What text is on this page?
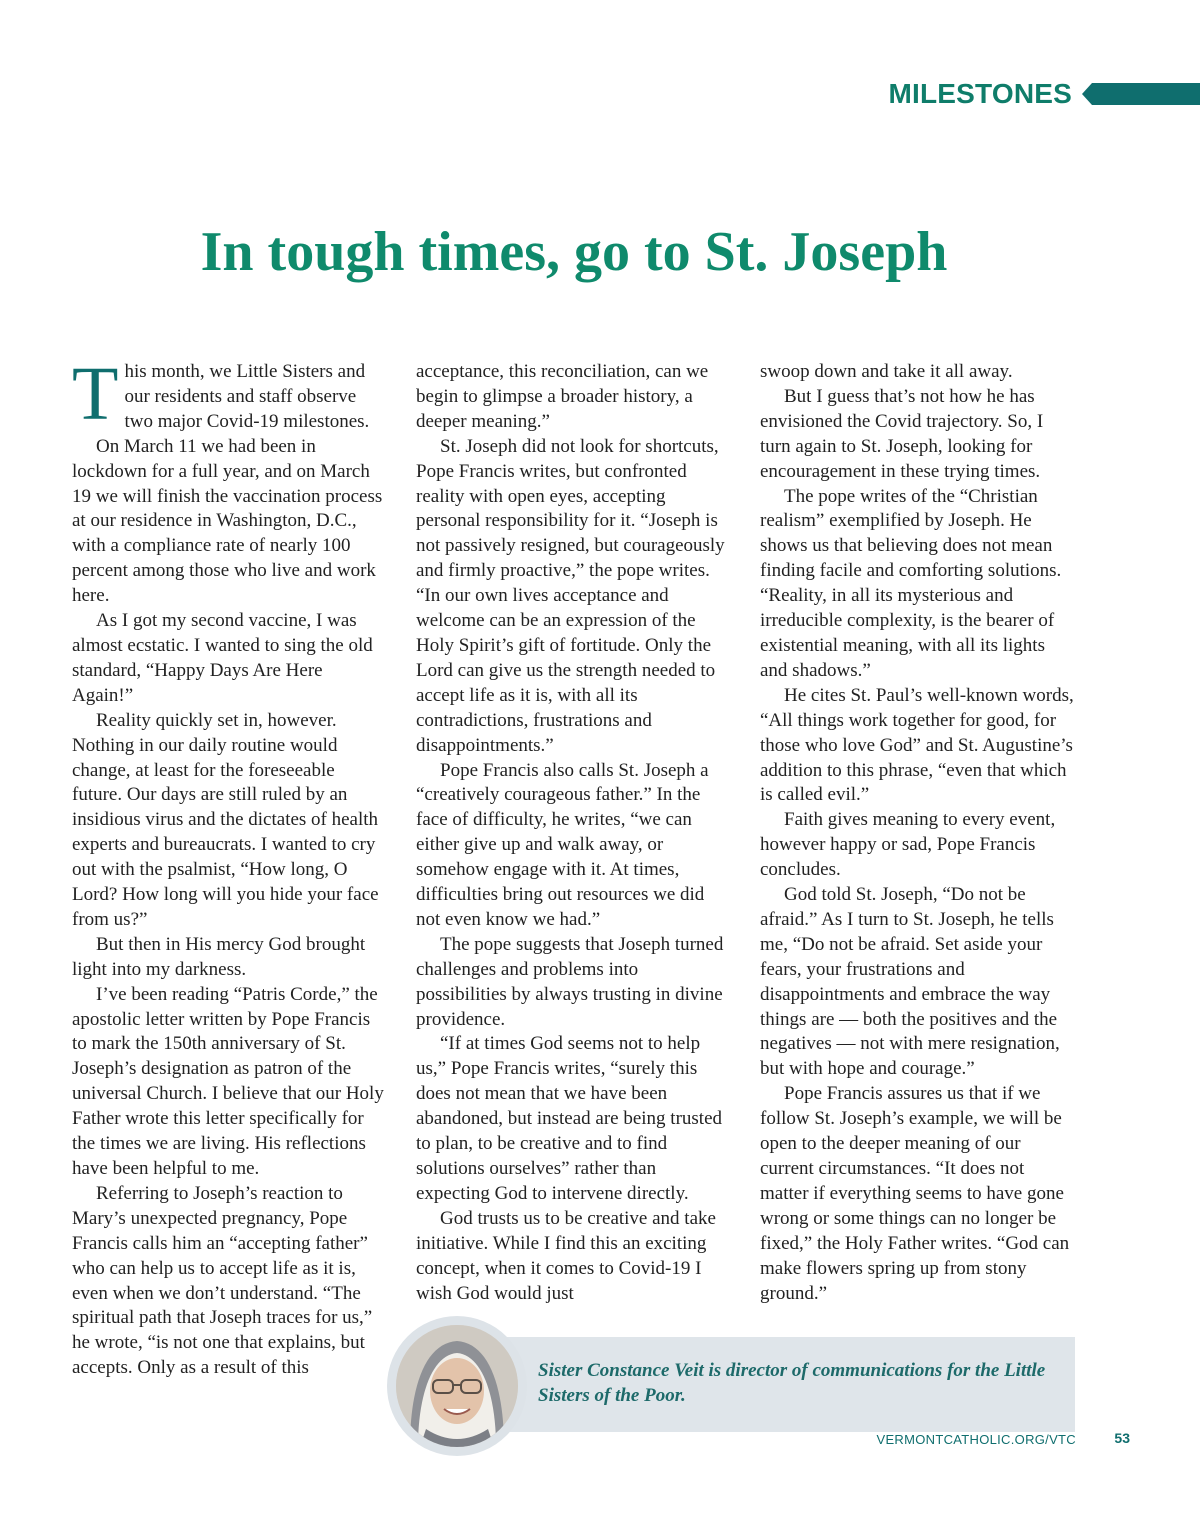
MILESTONES
In tough times, go to St. Joseph

This month, we Little Sisters and our residents and staff observe two major Covid-19 milestones.

On March 11 we had been in lockdown for a full year, and on March 19 we will finish the vaccination process at our residence in Washington, D.C., with a compliance rate of nearly 100 percent among those who live and work here.

As I got my second vaccine, I was almost ecstatic. I wanted to sing the old standard, “Happy Days Are Here Again!”

Reality quickly set in, however. Nothing in our daily routine would change, at least for the foreseeable future. Our days are still ruled by an insidious virus and the dictates of health experts and bureaucrats. I wanted to cry out with the psalmist, “How long, O Lord? How long will you hide your face from us?”

But then in His mercy God brought light into my darkness.

I’ve been reading “Patris Corde,” the apostolic letter written by Pope Francis to mark the 150th anniversary of St. Joseph’s designation as patron of the universal Church. I believe that our Holy Father wrote this letter specifically for the times we are living. His reflections have been helpful to me.

Referring to Joseph’s reaction to Mary’s unexpected pregnancy, Pope Francis calls him an “accepting father” who can help us to accept life as it is, even when we don’t understand. “The spiritual path that Joseph traces for us,” he wrote, “is not one that explains, but accepts. Only as a result of this

acceptance, this reconciliation, can we begin to glimpse a broader history, a deeper meaning.”

St. Joseph did not look for shortcuts, Pope Francis writes, but confronted reality with open eyes, accepting personal responsibility for it. “Joseph is not passively resigned, but courageously and firmly proactive,” the pope writes. “In our own lives acceptance and welcome can be an expression of the Holy Spirit’s gift of fortitude. Only the Lord can give us the strength needed to accept life as it is, with all its contradictions, frustrations and disappointments.”

Pope Francis also calls St. Joseph a “creatively courageous father.” In the face of difficulty, he writes, “we can either give up and walk away, or somehow engage with it. At times, difficulties bring out resources we did not even know we had.”

The pope suggests that Joseph turned challenges and problems into possibilities by always trusting in divine providence.

“If at times God seems not to help us,” Pope Francis writes, “surely this does not mean that we have been abandoned, but instead are being trusted to plan, to be creative and to find solutions ourselves” rather than expecting God to intervene directly.

God trusts us to be creative and take initiative. While I find this an exciting concept, when it comes to Covid-19 I wish God would just

swoop down and take it all away.

But I guess that’s not how he has envisioned the Covid trajectory. So, I turn again to St. Joseph, looking for encouragement in these trying times.

The pope writes of the “Christian realism” exemplified by Joseph. He shows us that believing does not mean finding facile and comforting solutions. “Reality, in all its mysterious and irreducible complexity, is the bearer of existential meaning, with all its lights and shadows.”

He cites St. Paul’s well-known words, “All things work together for good, for those who love God” and St. Augustine’s addition to this phrase, “even that which is called evil.”

Faith gives meaning to every event, however happy or sad, Pope Francis concludes.

God told St. Joseph, “Do not be afraid.” As I turn to St. Joseph, he tells me, “Do not be afraid. Set aside your fears, your frustrations and disappointments and embrace the way things are — both the positives and the negatives — not with mere resignation, but with hope and courage.”

Pope Francis assures us that if we follow St. Joseph’s example, we will be open to the deeper meaning of our current circumstances. “It does not matter if everything seems to have gone wrong or some things can no longer be fixed,” the Holy Father writes. “God can make flowers spring up from stony ground.”

Sister Constance Veit is director of communications for the Little Sisters of the Poor.

VERMONTCATHOLIC.ORG/VTC	53
